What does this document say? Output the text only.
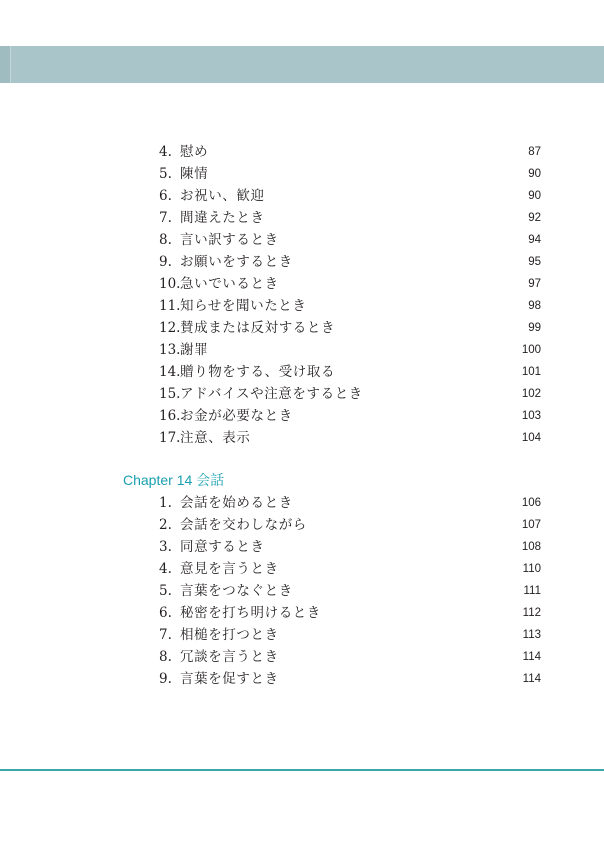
4. 慰め	87
5. 陳情	90
6. お祝い、歓迎	90
7. 間違えたとき	92
8. 言い訳するとき	94
9. お願いをするとき	95
10. 急いでいるとき	97
11. 知らせを聞いたとき	98
12. 賛成または反対するとき	99
13. 謝罪	100
14. 贈り物をする、受け取る	101
15. アドバイスや注意をするとき	102
16. お金が必要なとき	103
17. 注意、表示	104
Chapter 14 会話
1. 会話を始めるとき	106
2. 会話を交わしながら	107
3. 同意するとき	108
4. 意見を言うとき	110
5. 言葉をつなぐとき	111
6. 秘密を打ち明けるとき	112
7. 相槌を打つとき	113
8. 冗談を言うとき	114
9. 言葉を促すとき	114
